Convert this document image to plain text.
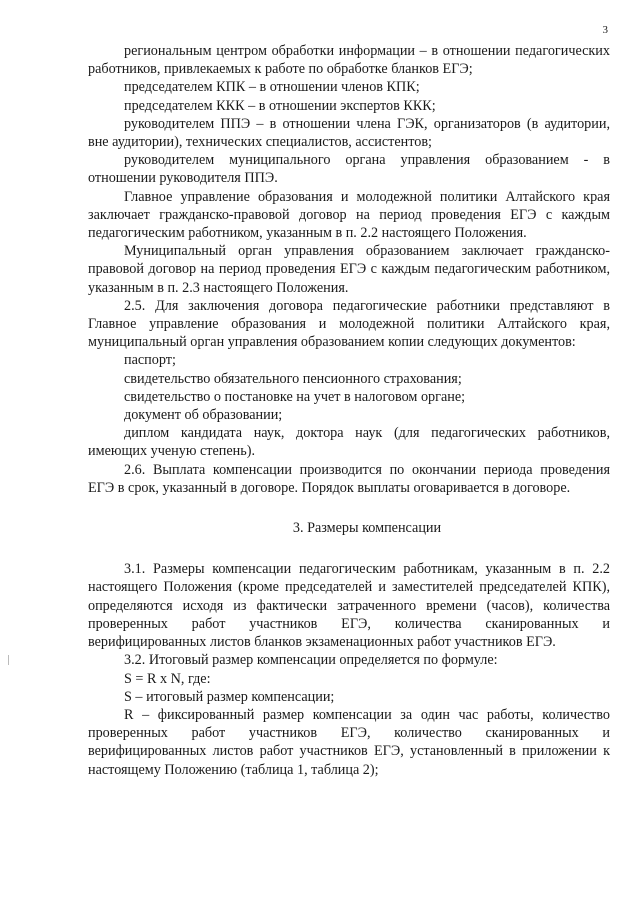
3

региональным центром обработки информации – в отношении педагогических работников, привлекаемых к работе по обработке бланков ЕГЭ;

председателем КПК – в отношении членов КПК;

председателем ККК – в отношении экспертов ККК;

руководителем ППЭ – в отношении члена ГЭК, организаторов (в аудитории, вне аудитории), технических специалистов, ассистентов;

руководителем муниципального органа управления образованием - в отношении руководителя ППЭ.

Главное управление образования и молодежной политики Алтайского края заключает гражданско-правовой договор на период проведения ЕГЭ с каждым педагогическим работником, указанным в п. 2.2 настоящего Положения.

Муниципальный орган управления образованием заключает гражданско-правовой договор на период проведения ЕГЭ с каждым педагогическим работником, указанным в п. 2.3 настоящего Положения.

2.5. Для заключения договора педагогические работники представляют в Главное управление образования и молодежной политики Алтайского края, муниципальный орган управления образованием копии следующих документов:

паспорт;

свидетельство обязательного пенсионного страхования;

свидетельство о постановке на учет в налоговом органе;

документ об образовании;

диплом кандидата наук, доктора наук (для педагогических работников, имеющих ученую степень).

2.6. Выплата компенсации производится по окончании периода проведения ЕГЭ в срок, указанный в договоре. Порядок выплаты оговаривается в договоре.

3. Размеры компенсации

3.1. Размеры компенсации педагогическим работникам, указанным в п. 2.2 настоящего Положения (кроме председателей и заместителей председателей КПК), определяются исходя из фактически затраченного времени (часов), количества проверенных работ участников ЕГЭ, количества сканированных и верифицированных листов бланков экзаменационных работ участников ЕГЭ.

3.2. Итоговый размер компенсации определяется по формуле:

S = R x N, где:

S – итоговый размер компенсации;

R – фиксированный размер компенсации за один час работы, количество проверенных работ участников ЕГЭ, количество сканированных и верифицированных листов работ участников ЕГЭ, установленный в приложении к настоящему Положению (таблица 1, таблица 2);
